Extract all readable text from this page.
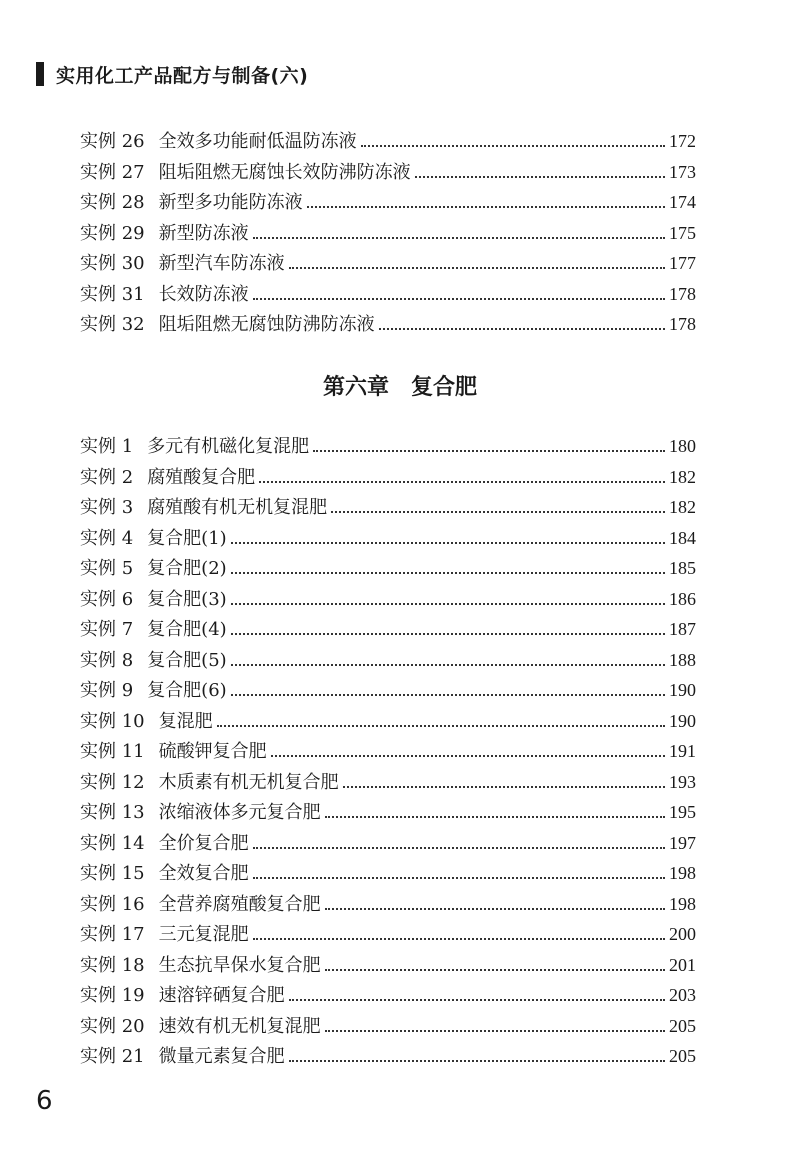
实用化工产品配方与制备(六)
实例 26 全效多功能耐低温防冻液	172
实例 27 阻垢阻燃无腐蚀长效防沸防冻液	173
实例 28 新型多功能防冻液	174
实例 29 新型防冻液	175
实例 30 新型汽车防冻液	177
实例 31 长效防冻液	178
实例 32 阻垢阻燃无腐蚀防沸防冻液	178
第六章　复合肥
实例 1 多元有机磁化复混肥	180
实例 2 腐殖酸复合肥	182
实例 3 腐殖酸有机无机复混肥	182
实例 4 复合肥(1)	184
实例 5 复合肥(2)	185
实例 6 复合肥(3)	186
实例 7 复合肥(4)	187
实例 8 复合肥(5)	188
实例 9 复合肥(6)	190
实例 10 复混肥	190
实例 11 硫酸钾复合肥	191
实例 12 木质素有机无机复合肥	193
实例 13 浓缩液体多元复合肥	195
实例 14 全价复合肥	197
实例 15 全效复合肥	198
实例 16 全营养腐殖酸复合肥	198
实例 17 三元复混肥	200
实例 18 生态抗旱保水复合肥	201
实例 19 速溶锌硒复合肥	203
实例 20 速效有机无机复混肥	205
实例 21 微量元素复合肥	205
6
